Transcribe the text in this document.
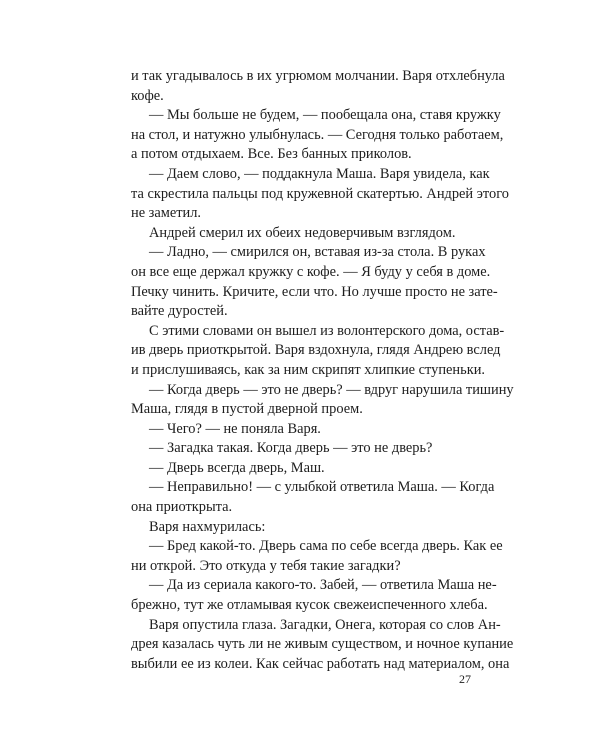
и так угадывалось в их угрюмом молчании. Варя отхлебнула
кофе.
— Мы больше не будем, — пообещала она, ставя кружку
на стол, и натужно улыбнулась. — Сегодня только работаем,
а потом отдыхаем. Все. Без банных приколов.
— Даем слово, — поддакнула Маша. Варя увидела, как
та скрестила пальцы под кружевной скатертью. Андрей этого
не заметил.
Андрей смерил их обеих недоверчивым взглядом.
— Ладно, — смирился он, вставая из-за стола. В руках
он все еще держал кружку с кофе. — Я буду у себя в доме.
Печку чинить. Кричите, если что. Но лучше просто не зате-
вайте дуростей.
С этими словами он вышел из волонтерского дома, остав-
ив дверь приоткрытой. Варя вздохнула, глядя Андрею вслед
и прислушиваясь, как за ним скрипят хлипкие ступеньки.
— Когда дверь — это не дверь? — вдруг нарушила тишину
Маша, глядя в пустой дверной проем.
— Чего? — не поняла Варя.
— Загадка такая. Когда дверь — это не дверь?
— Дверь всегда дверь, Маш.
— Неправильно! — с улыбкой ответила Маша. — Когда
она приоткрыта.
Варя нахмурилась:
— Бред какой-то. Дверь сама по себе всегда дверь. Как ее
ни открой. Это откуда у тебя такие загадки?
— Да из сериала какого-то. Забей, — ответила Маша не-
брежно, тут же отламывая кусок свежеиспеченного хлеба.
Варя опустила глаза. Загадки, Онега, которая со слов Ан-
дрея казалась чуть ли не живым существом, и ночное купание
выбили ее из колеи. Как сейчас работать над материалом, она
27
